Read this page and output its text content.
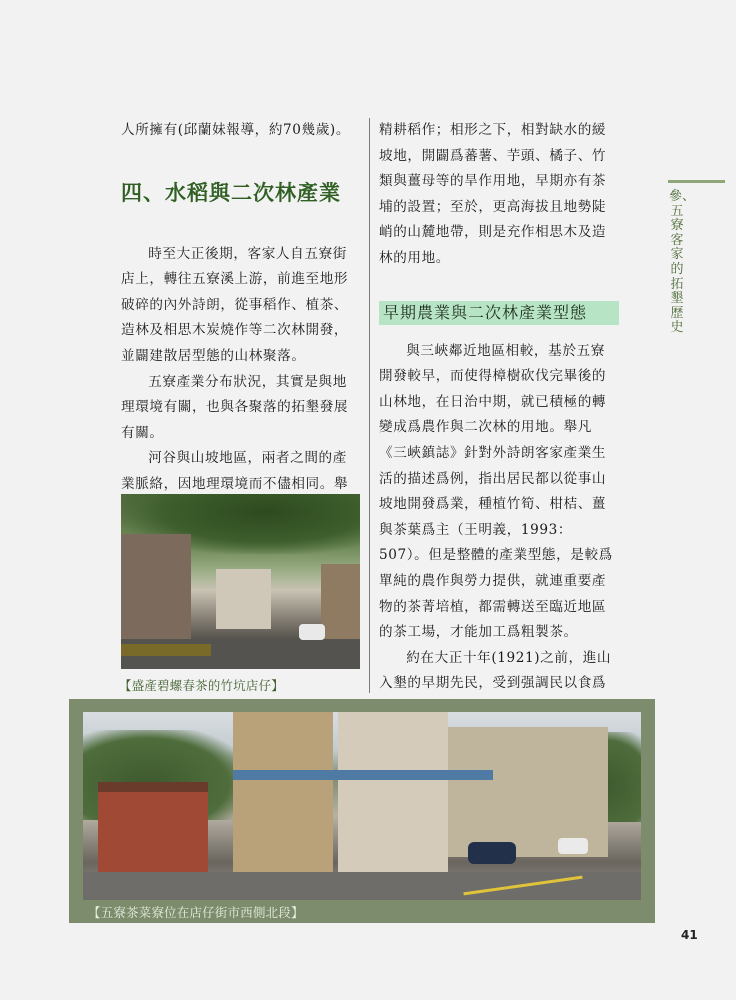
人所擁有(邱蘭妹報導，約70幾歲)。

四、水稻與二次林產業

時至大正後期，客家人自五寮街店上，轉往五寮溪上游，前進至地形破碎的內外詩朗，從事稻作、植茶、造林及相思木炭燒作等二次林開發，並闢建散居型態的山林聚落。

五寮產業分布狀況，其實是與地理環境有關，也與各聚落的拓墾發展有關。

河谷與山坡地區，兩者之間的產業脈絡，因地理環境而不儘相同。舉

精耕稻作；相形之下，相對缺水的緩坡地，開闢爲蕃薯、芋頭、橘子、竹類與薑母等的旱作用地，早期亦有茶埔的設置；至於，更高海拔且地勢陡峭的山麓地帶，則是充作相思木及造林的用地。

早期農業與二次林產業型態

與三峽鄰近地區相較，基於五寮開發較早，而使得樟樹砍伐完畢後的山林地，在日治中期，就已積極的轉變成爲農作與二次林的用地。舉凡《三峽鎮誌》針對外詩朗客家產業生活的描述爲例，指出居民都以從事山坡地開發爲業，種植竹筍、柑桔、薑與茶葉爲主（王明義，1993：507）。但是整體的產業型態，是較爲單純的農作與勞力提供，就連重要產物的茶菁培植，都需轉送至臨近地區的茶工場，才能加工爲粗製茶。

約在大正十年(1921)之前，進山入墾的早期先民，受到强調民以食爲

【盛產碧螺春茶的竹坑店仔】
【五寮茶菜寮位在店仔街市西側北段】
參、五寮客家的拓墾歷史
41
